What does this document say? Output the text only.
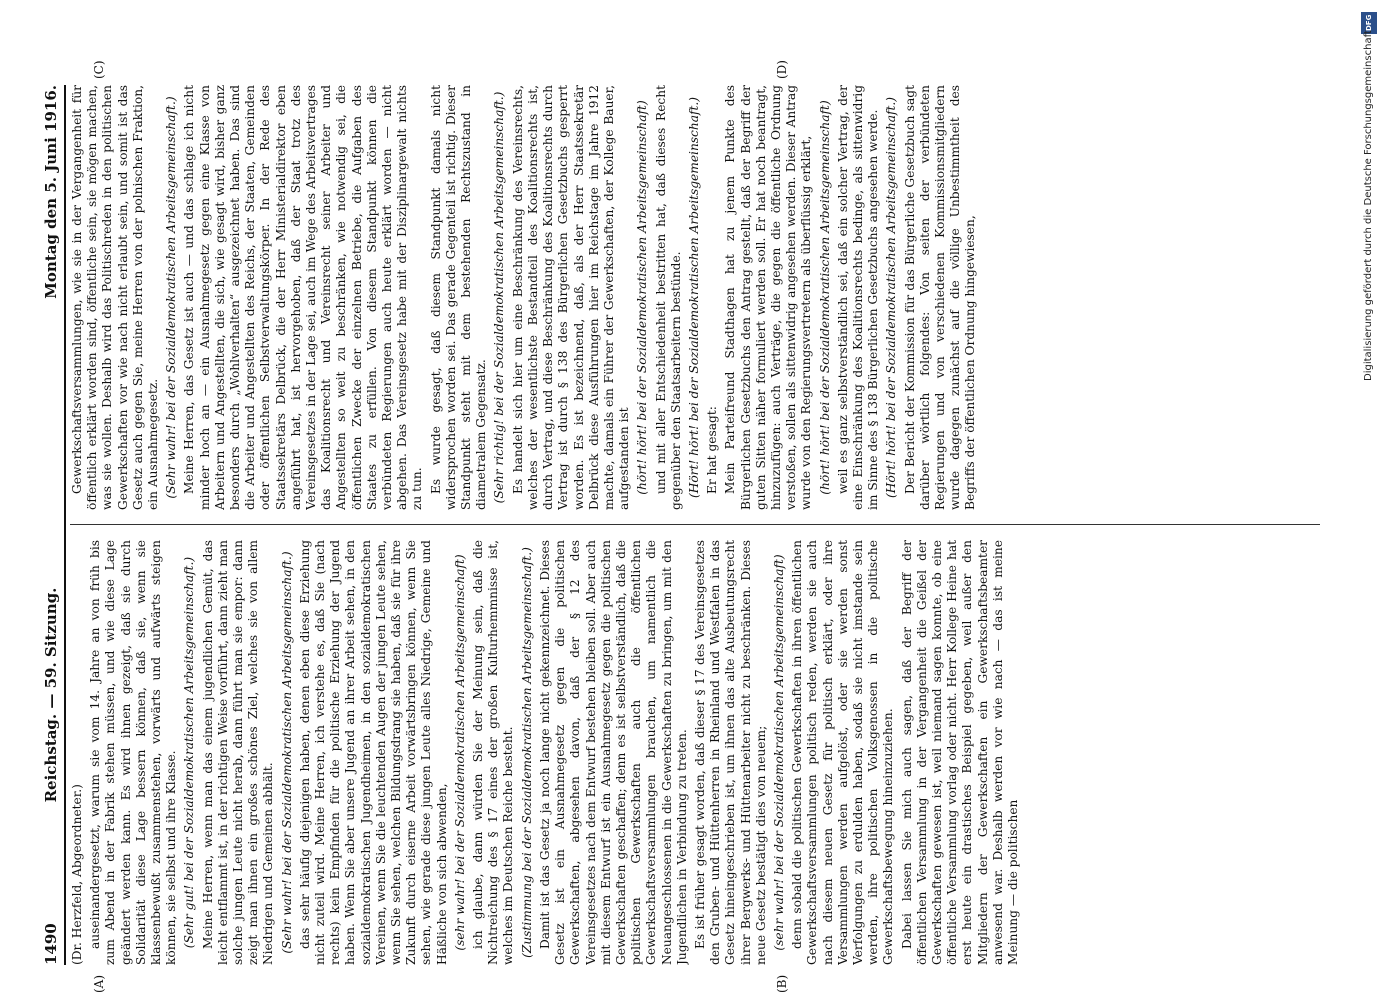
1490
Reichstag. — 59. Sitzung.
Montag den 5. Juni 1916.
(A)	(B)
(C)	(D)

(Dr. Herzfeld, Abgeordneter.) auseinandergesetzt, warum sie vom 14. Jahre an von früh bis zum Abend in der Fabrik stehen müssen, und wie diese Lage geändert werden kann. Es wird ihnen gezeigt, daß sie durch Solidarität diese Lage bessern können, daß sie, wenn sie klassenbewußt zusammenstehen, vorwärts und aufwärts steigen können, sie selbst und ihre Klasse. (Sehr gut! bei der Sozialdemokratischen Arbeitsgemeinschaft.) Meine Herren, wenn man das einem jugendlichen Gemüt, das leicht entflammt ist, in der richtigen Weise vorführt, dann zieht man solche jungen Leute nicht herab, dann führt man sie empor: dann zeigt man ihnen ein großes schönes Ziel, welches sie von allem Niedrigen und Gemeinen abhält. (Sehr wahr! bei der Sozialdemokratischen Arbeitsgemeinschaft.) das sehr häufig diejenigen haben, denen eben diese Erziehung nicht zuteil wird. Meine Herren, ich verstehe es, daß Sie (nach rechts) kein Empfinden für die politische Erziehung der Jugend haben. Wenn Sie aber unsere Jugend an ihrer Arbeit sehen, in den sozialdemokratischen Jugendheimen, in den sozialdemokratischen Vereinen, wenn Sie die leuchtenden Augen der jungen Leute sehen, wenn Sie sehen, welchen Bildungsdrang sie haben, daß sie für ihre Zukunft durch eiserne Arbeit vorwärtsbringen können, wenn Sie sehen, wie gerade diese jungen Leute alles Niedrige, Gemeine und Häßliche von sich abwenden, (sehr wahr! bei der Sozialdemokratischen Arbeitsgemeinschaft) ich glaube, dann würden Sie der Meinung sein, daß die Nichtreichung des § 17 eines der großen Kulturhemmnisse ist, welches im Deutschen Reiche besteht. (Zustimmung bei der Sozialdemokratischen Arbeitsgemeinschaft.) Damit ist das Gesetz ja noch lange nicht gekennzeichnet. Dieses Gesetz ist ein Ausnahmegesetz gegen die politischen Gewerkschaften, abgesehen davon, daß der § 12 des Vereinsgesetzes nach dem Entwurf bestehen bleiben soll. Aber auch mit diesem Entwurf ist ein Ausnahmegesetz gegen die politischen Gewerkschaften geschaffen; denn es ist selbstverständlich, daß die politischen Gewerkschaften auch die öffentlichen Gewerkschaftsversammlungen brauchen, um namentlich die Neuangeschlossenen in die Gewerkschaften zu bringen, um mit den Jugendlichen in Verbindung zu treten. Es ist früher gesagt worden, daß dieser § 17 des Vereinsgesetzes den Gruben- und Hüttenherren in Rheinland und Westfalen in das Gesetz hineingeschrieben ist, um ihnen das alte Ausbeutungsrecht ihrer Bergwerks- und Hüttenarbeiter nicht zu beschränken. Dieses neue Gesetz bestätigt dies von neuem; (sehr wahr! bei der Sozialdemokratischen Arbeitsgemeinschaft) denn sobald die politischen Gewerkschaften in ihren öffentlichen Gewerkschaftsversammlungen politisch reden, werden sie auch nach diesem neuen Gesetz für politisch erklärt, oder ihre Versammlungen werden aufgelöst, oder sie werden sonst Verfolgungen zu erdulden haben, sodaß sie nicht imstande sein werden, ihre politischen Volksgenossen in die politische Gewerkschaftsbewegung hineinzuziehen. Dabei lassen Sie mich auch sagen, daß der Begriff der öffentlichen Versammlung in der Vergangenheit die Geißel der Gewerkschaften gewesen ist, weil niemand sagen konnte, ob eine öffentliche Versammlung vorlag oder nicht. Herr Kollege Heine hat erst heute ein drastisches Beispiel gegeben, weil außer den Mitgliedern der Gewerkschaften ein Gewerkschaftsbeamter anwesend war. Deshalb werden vor wie nach — das ist meine Meinung — die politischen

Gewerkschaftsversammlungen, wie sie in der Vergangenheit für öffentlich erklärt worden sind, öffentliche sein, sie mögen machen, was sie wollen. Deshalb wird das Politischreden in den politischen Gewerkschaften vor wie nach nicht erlaubt sein, und somit ist das Gesetz auch gegen Sie, meine Herren von der polnischen Fraktion, ein Ausnahmegesetz. (Sehr wahr! bei der Sozialdemokratischen Arbeitsgemeinschaft.) Meine Herren, das Gesetz ist auch — und das schlage ich nicht minder hoch an — ein Ausnahmegesetz gegen eine Klasse von Arbeitern und Angestellten, die sich, wie gesagt wird, bisher ganz besonders durch „Wohlverhalten“ ausgezeichnet haben. Das sind die Arbeiter und Angestellten des Reichs, der Staaten, Gemeinden oder öffentlichen Selbstverwaltungskörper. In der Rede des Staatssekretärs Delbrück, die der Herr Ministerialdirektor eben angeführt hat, ist hervorgehoben, daß der Staat trotz des Vereinsgesetzes in der Lage sei, auch im Wege des Arbeitsvertrages das Koalitionsrecht und Vereinsrecht seiner Arbeiter und Angestellten so weit zu beschränken, wie notwendig sei, die öffentlichen Zwecke der einzelnen Betriebe, die Aufgaben des Staates zu erfüllen. Von diesem Standpunkt können die verbündeten Regierungen auch heute erklärt worden — nicht abgehen. Das Vereinsgesetz habe mit der Disziplinargewalt nichts zu tun. Es wurde gesagt, daß diesem Standpunkt damals nicht widersprochen worden sei. Das gerade Gegenteil ist richtig. Dieser Standpunkt steht mit dem bestehenden Rechtszustand in diametralem Gegensatz. (Sehr richtig! bei der Sozialdemokratischen Arbeitsgemeinschaft.) Es handelt sich hier um eine Beschränkung des Vereinsrechts, welches der wesentlichste Bestandteil des Koalitionsrechts ist, durch Vertrag, und diese Beschränkung des Koalitionsrechts durch Vertrag ist durch § 138 des Bürgerlichen Gesetzbuchs gesperrt worden. Es ist bezeichnend, daß, als der Herr Staatssekretär Delbrück diese Ausführungen hier im Reichstage im Jahre 1912 machte, damals ein Führer der Gewerkschaften, der Kollege Bauer, aufgestanden ist (hört! hört! bei der Sozialdemokratischen Arbeitsgemeinschaft) und mit aller Entschiedenheit bestritten hat, daß dieses Recht gegenüber den Staatsarbeitern bestünde. (Hört! hört! bei der Sozialdemokratischen Arbeitsgemeinschaft.) Er hat gesagt: Mein Parteifreund Stadthagen hat zu jenem Punkte des Bürgerlichen Gesetzbuchs den Antrag gestellt, daß der Begriff der guten Sitten näher formuliert werden soll. Er hat noch beantragt, hinzuzufügen: auch Verträge, die gegen die öffentliche Ordnung verstoßen, sollen als sittenwidrig angesehen werden. Dieser Antrag wurde von den Regierungsvertretern als überflüssig erklärt, (hört! hört! bei der Sozialdemokratischen Arbeitsgemeinschaft) weil es ganz selbstverständlich sei, daß ein solcher Vertrag, der eine Einschränkung des Koalitionsrechts bedinge, als sittenwidrig im Sinne des § 138 Bürgerlichen Gesetzbuchs angesehen werde. (Hört! hört! bei der Sozialdemokratischen Arbeitsgemeinschaft.) Der Bericht der Kommission für das Bürgerliche Gesetzbuch sagt darüber wörtlich folgendes: Von seiten der verbündeten Regierungen und von verschiedenen Kommissionsmitgliedern wurde dagegen zunächst auf die völlige Unbestimmtheit des Begriffs der öffentlichen Ordnung hingewiesen,

DFG
Digitalisierung gefördert durch die Deutsche Forschungsgemeinschaft
